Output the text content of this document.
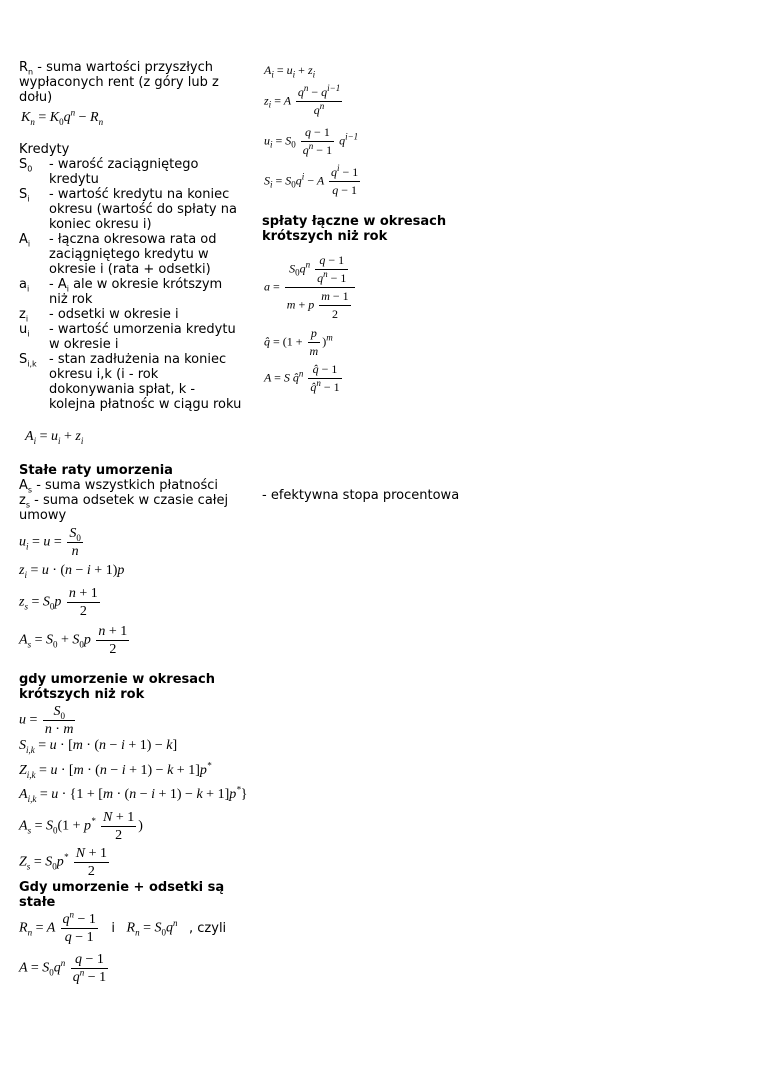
$R_n$ - suma wartości przyszłych wypłaconych rent (z góry lub z dołu)
$K_n = K_0q^n - R_n$
Kredyty
$S_0$	- warość zaciągniętego kredytu
$S_i$	- wartość kredytu na koniec okresu (wartość do spłaty na koniec okresu i)
$A_i$	- łączna okresowa rata od zaciągniętego kredytu w okresie i (rata + odsetki)
$a_i$	- $A_i$ ale w okresie krótszym niż rok
$z_i$	- odsetki w okresie i
$u_i$	- wartość umorzenia kredytu w okresie i
$S_{i,k}$ - stan zadłużenia na koniec okresu i,k (i - rok dokonywania spłat, k - kolejna płatnośc w ciągu roku
$A_i = u_i + z_i$
Stałe raty umorzenia
$A_s$ - suma wszystkich płatności
$z_s$ - suma odsetek w czasie całej umowy
$u_i = u = \frac{S_0}{n}$
$z_i = u \cdot (n - i + 1)p$
$z_s = S_0p \frac{n + 1}{2}$
$A_s = S_0 + S_0p \frac{n + 1}{2}$
gdy umorzenie w okresach krótszych niż rok
$u = \frac{S_0}{n \cdot m}$
$S_{i,k} = u \cdot [m \cdot (n - i + 1) - k]$
$Z_{i,k} = u \cdot [m \cdot (n - i + 1) - k + 1]p^*$
$A_{i,k} = u \cdot \{1 + [m \cdot (n - i + 1) - k + 1]p^*\}$
$A_s = S_0(1 + p^* \frac{N + 1}{2}$ )
$Z_s = S_0p^* \frac{N + 1}{2}$
Gdy umorzenie + odsetki są stałe
$R_n = A \frac{q^n - 1}{q - 1}$ i $R_n = S_0q^n$ , czyli
$A = S_0q^n \frac{q - 1}{q^n - 1}$
$A_i = u_i + z_i$
$z_i = A \frac{q^n - q^{i-1}}{q^n}$
$u_i = S_0 \frac{q - 1}{q^n - 1} q^{i-1}$
$S_i = S_0q^i - A \frac{q^i - 1}{q - 1}$
spłaty łączne w okresach krótszych niż rok
$a = \frac{S_0q^n \frac{q - 1}{q^n - 1}}{m + p \frac{m - 1}{2}}$
q̂ = $(1 + \frac{p}{m} )^m$
A = S q̂$^n$ $\frac{q̂ - 1}{q̂^n - 1}$
- efektywna stopa procentowa
